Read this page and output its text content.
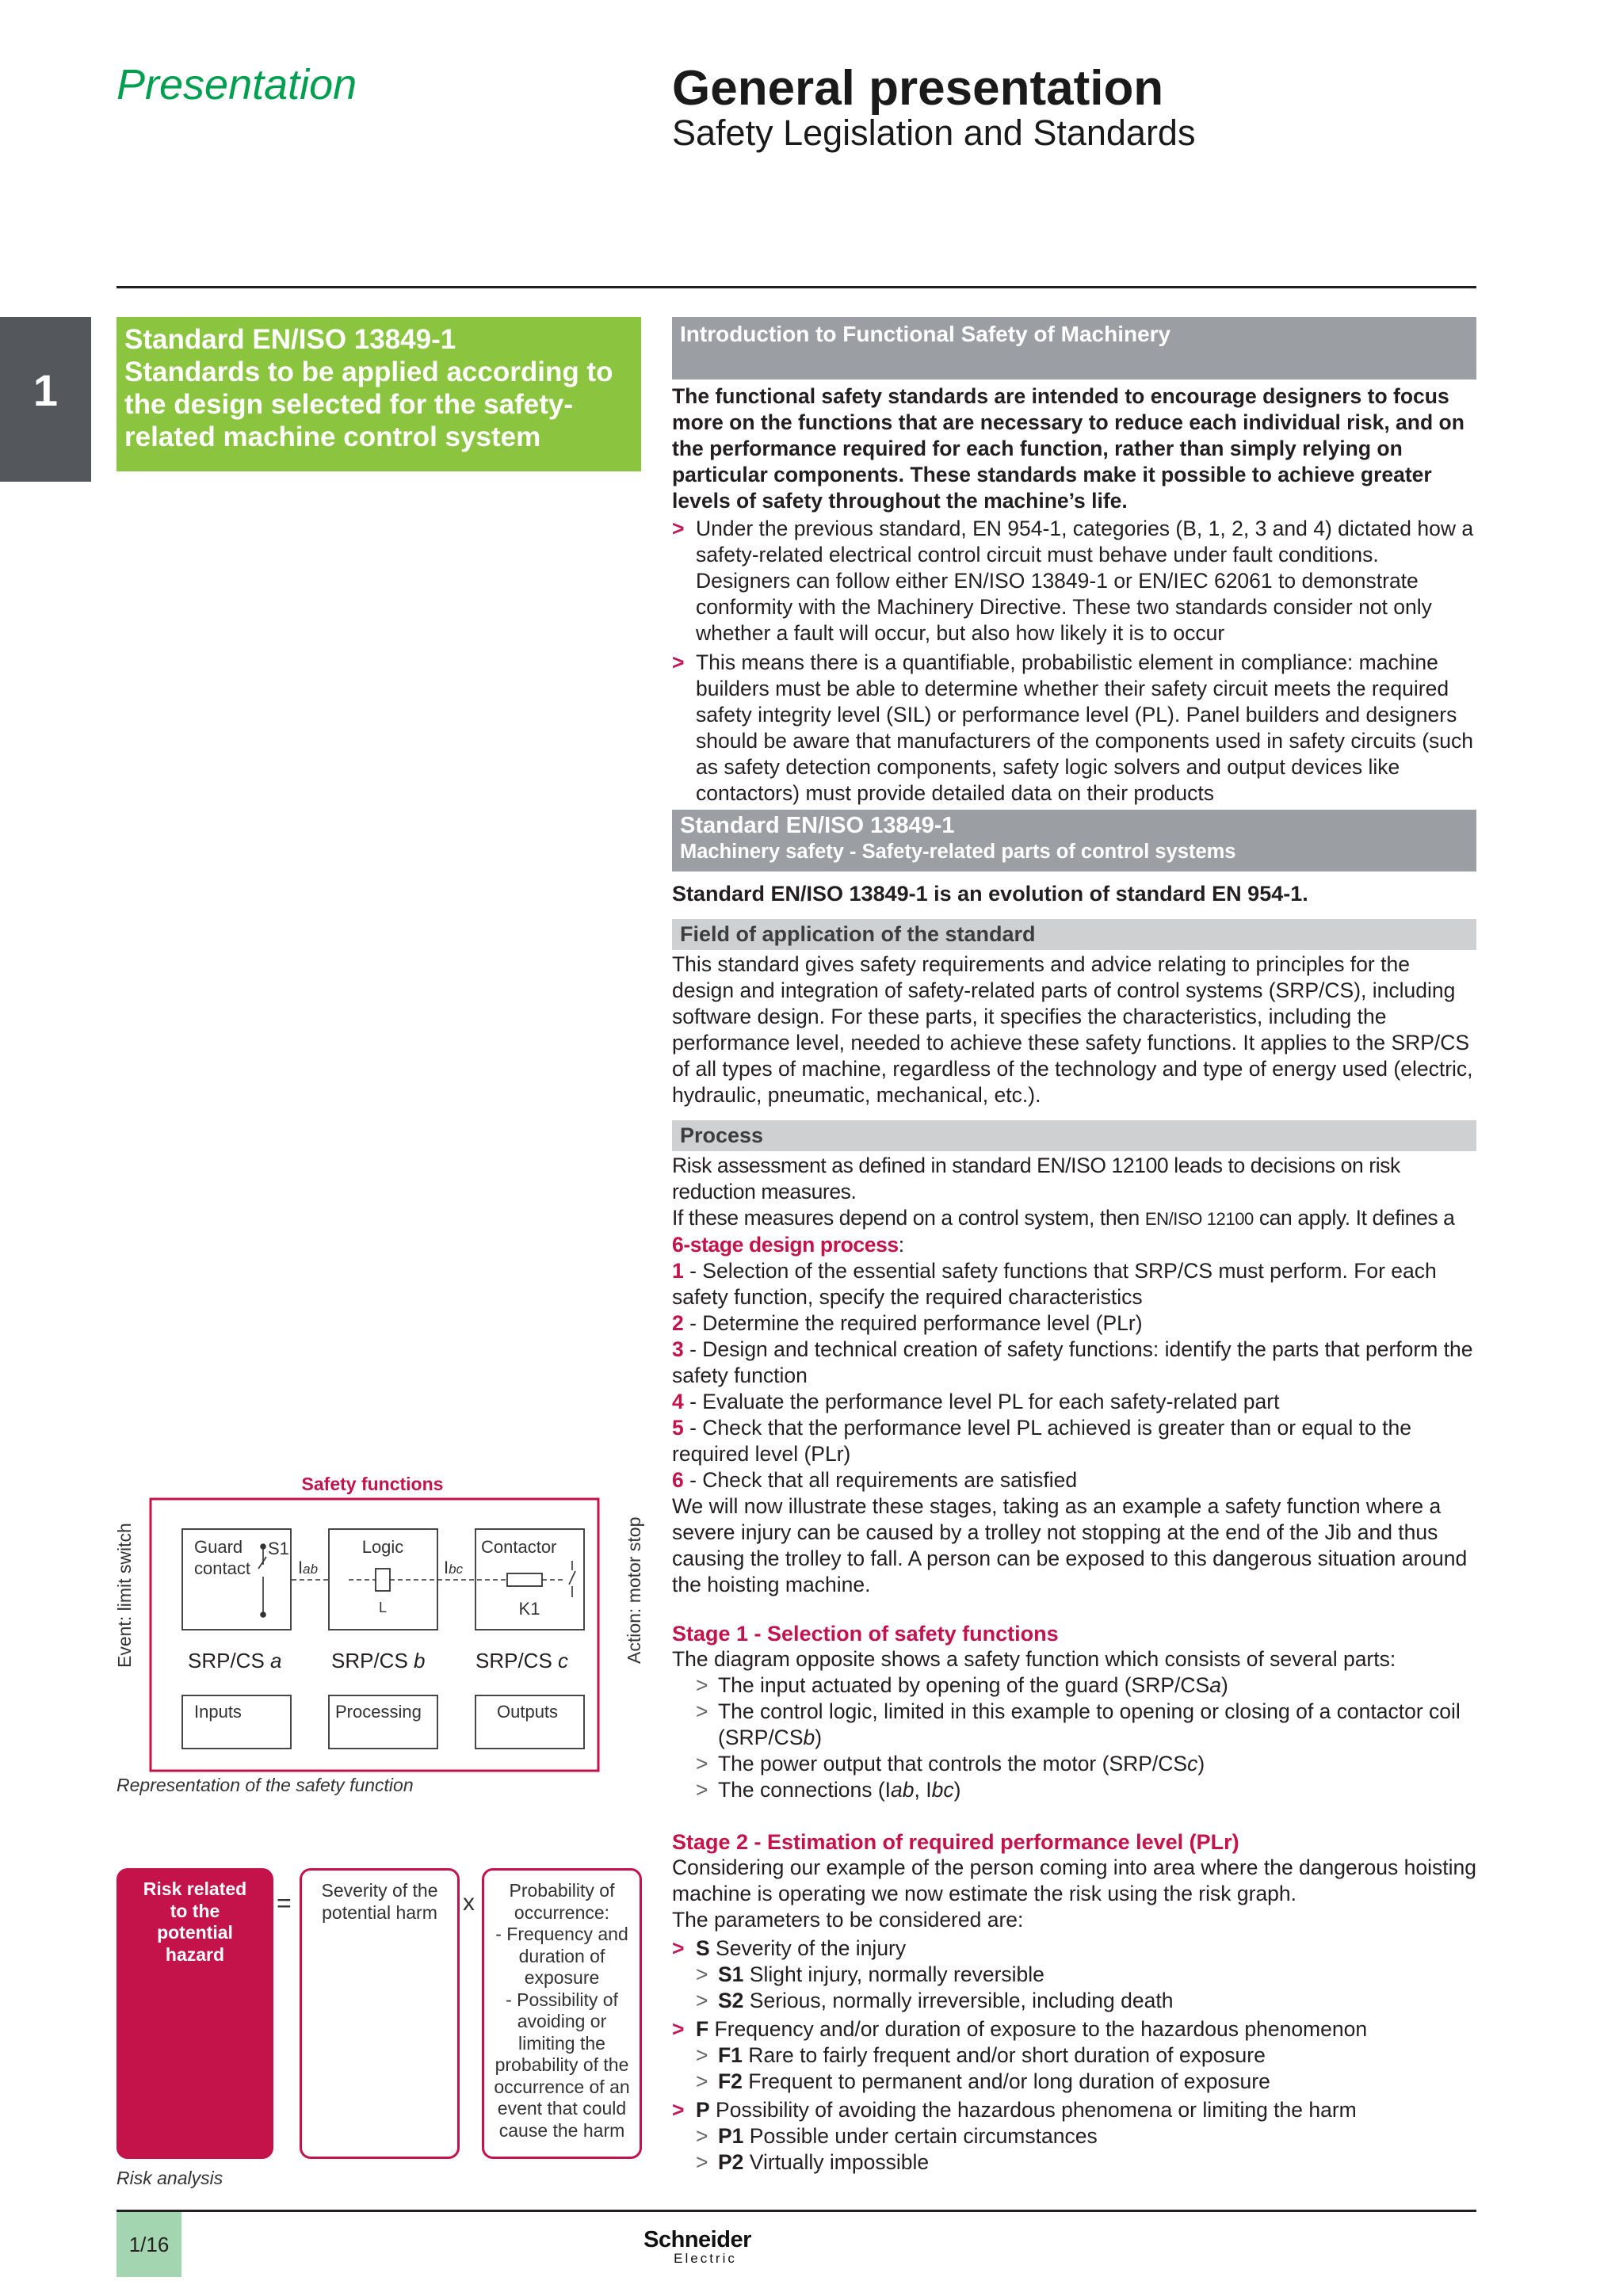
Presentation	General presentation
Safety Legislation and Standards
1
Standard EN/ISO 13849-1
Standards to be applied according to
the design selected for the safety-
related machine control system
Introduction to Functional Safety of Machinery
The functional safety standards are intended to encourage designers to focus more on the functions that are necessary to reduce each individual risk, and on the performance required for each function, rather than simply relying on particular components. These standards make it possible to achieve greater levels of safety throughout the machine’s life.
> Under the previous standard, EN 954-1, categories (B, 1, 2, 3 and 4) dictated how a safety-related electrical control circuit must behave under fault conditions. Designers can follow either EN/ISO 13849-1 or EN/IEC 62061 to demonstrate conformity with the Machinery Directive. These two standards consider not only whether a fault will occur, but also how likely it is to occur
> This means there is a quantifiable, probabilistic element in compliance: machine builders must be able to determine whether their safety circuit meets the required safety integrity level (SIL) or performance level (PL). Panel builders and designers should be aware that manufacturers of the components used in safety circuits (such as safety detection components, safety logic solvers and output devices like contactors) must provide detailed data on their products
Standard EN/ISO 13849-1
Machinery safety - Safety-related parts of control systems
Standard EN/ISO 13849-1 is an evolution of standard EN 954-1.
Field of application of the standard
This standard gives safety requirements and advice relating to principles for the design and integration of safety-related parts of control systems (SRP/CS), including software design. For these parts, it specifies the characteristics, including the performance level, needed to achieve these safety functions. It applies to the SRP/CS of all types of machine, regardless of the technology and type of energy used (electric, hydraulic, pneumatic, mechanical, etc.).
Process
Risk assessment as defined in standard EN/ISO 12100 leads to decisions on risk reduction measures.
If these measures depend on a control system, then EN/ISO 12100 can apply. It defines a 6-stage design process:
1 - Selection of the essential safety functions that SRP/CS must perform. For each safety function, specify the required characteristics
2 - Determine the required performance level (PLr)
3 - Design and technical creation of safety functions: identify the parts that perform the safety function
4 - Evaluate the performance level PL for each safety-related part
5 - Check that the performance level PL achieved is greater than or equal to the required level (PLr)
6 - Check that all requirements are satisfied
We will now illustrate these stages, taking as an example a safety function where a severe injury can be caused by a trolley not stopping at the end of the Jib and thus causing the trolley to fall. A person can be exposed to this dangerous situation around the hoisting machine.
Stage 1 - Selection of safety functions
The diagram opposite shows a safety function which consists of several parts:
> The input actuated by opening of the guard (SRP/CSa)
> The control logic, limited in this example to opening or closing of a contactor coil (SRP/CSb)
> The power output that controls the motor (SRP/CSc)
> The connections (Iab, Ibc)
Stage 2 - Estimation of required performance level (PLr)
Considering our example of the person coming into area where the dangerous hoisting machine is operating we now estimate the risk using the risk graph.
The parameters to be considered are:
> S Severity of the injury
> S1 Slight injury, normally reversible
> S2 Serious, normally irreversible, including death
> F Frequency and/or duration of exposure to the hazardous phenomenon
> F1 Rare to fairly frequent and/or short duration of exposure
> F2 Frequent to permanent and/or long duration of exposure
> P Possibility of avoiding the hazardous phenomena or limiting the harm
> P1 Possible under certain circumstances
> P2 Virtually impossible
Safety functions
Event: limit switch	Action: motor stop
Guard
contact
S1
Iab
Logic
L
Ibc
Contactor
K1
SRP/CS a SRP/CS b SRP/CS c
Inputs	Processing	Outputs
Representation of the safety function
Risk related to the potential hazard
=	Severity of the potential harm	x	Probability of
occurrence:
- Frequency and
duration of
exposure
- Possibility of
avoiding or
limiting the
probability of the
occurrence of an
event that could
cause the harm
Risk analysis
1/16	Schneider
Electric
